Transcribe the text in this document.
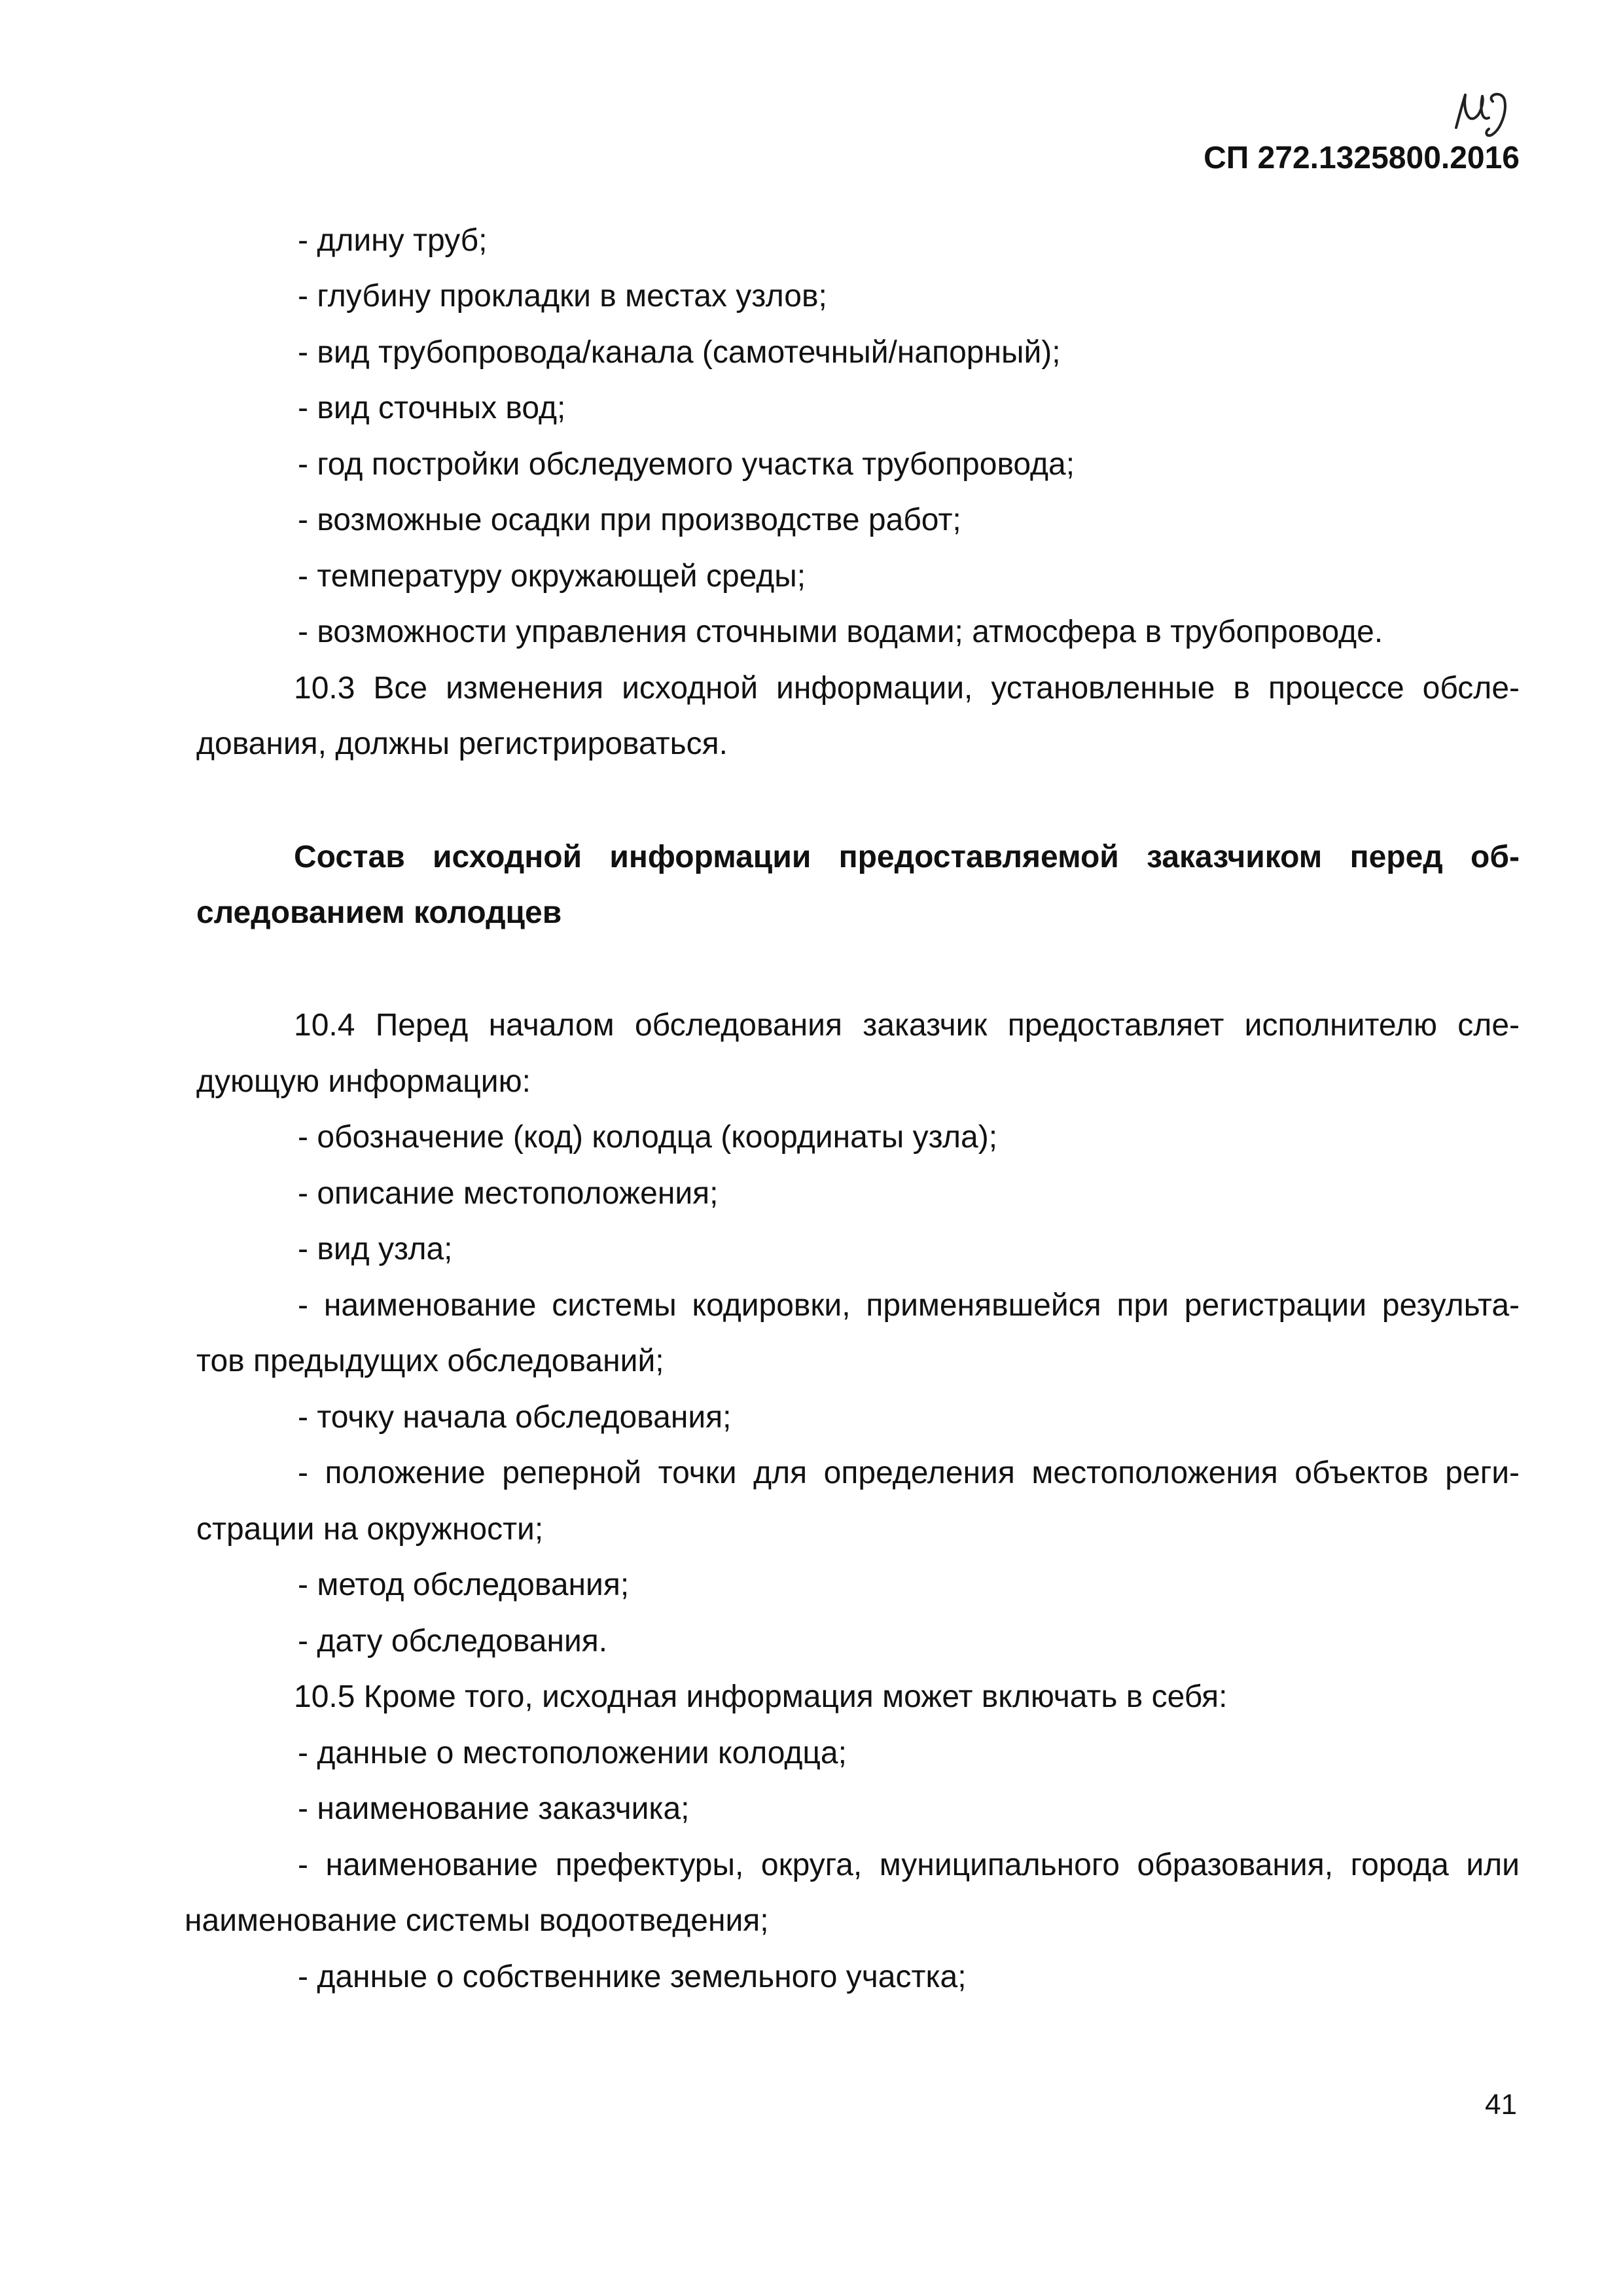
СП 272.1325800.2016
- длину труб;
- глубину прокладки в местах узлов;
- вид трубопровода/канала (самотечный/напорный);
- вид сточных вод;
- год постройки обследуемого участка трубопровода;
- возможные осадки при производстве работ;
- температуру окружающей среды;
- возможности управления сточными водами; атмосфера в трубопроводе.
10.3 Все изменения исходной информации, установленные в процессе обсле-
дования, должны регистрироваться.
Состав исходной информации предоставляемой заказчиком перед об-
следованием колодцев
10.4 Перед началом обследования заказчик предоставляет исполнителю сле-
дующую информацию:
- обозначение (код) колодца (координаты узла);
- описание местоположения;
- вид узла;
- наименование системы кодировки, применявшейся при регистрации результа-
тов предыдущих обследований;
- точку начала обследования;
- положение реперной точки для определения местоположения объектов реги-
страции на окружности;
- метод обследования;
- дату обследования.
10.5 Кроме того, исходная информация может включать в себя:
- данные о местоположении колодца;
- наименование заказчика;
- наименование префектуры, округа, муниципального образования, города или
наименование системы водоотведения;
- данные о собственнике земельного участка;
41
